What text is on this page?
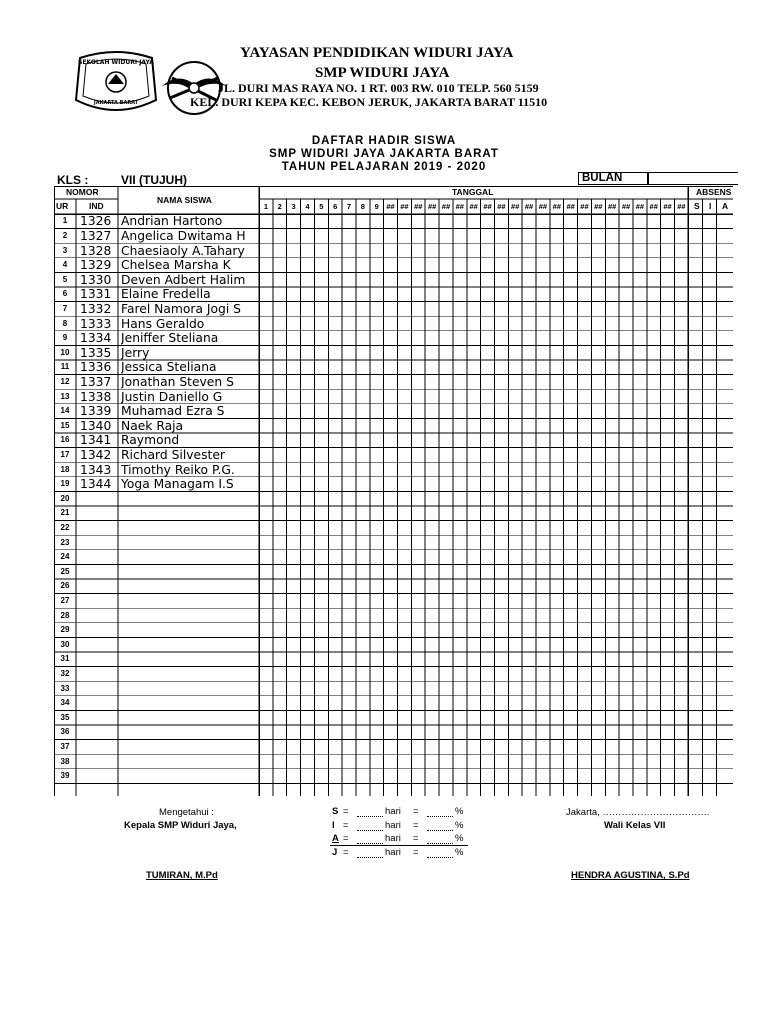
SEKOLAH WIDURI JAYA
JAKARTA BARAT
YAYASAN PENDIDIKAN WIDURI JAYA
SMP WIDURI JAYA
JL. DURI MAS RAYA NO. 1 RT. 003 RW. 010 TELP. 560 5159
KEL. DURI KEPA KEC. KEBON JERUK, JAKARTA BARAT 11510
DAFTAR HADIR SISWA
SMP WIDURI JAYA JAKARTA BARAT
TAHUN PELAJARAN 2019 - 2020
KLS :	VII (TUJUH)	BULAN
NOMOR
UR IND
NAMA SISWA
TANGGAL	ABSENS
S I A
1	2	3	4	5	6	7	8	9	## ## ## ## ## ## ## ## ## ## ## ## ## ## ## ## ## ## ## ## ## ##
1	1326 Andrian Hartono
2	1327 Angelica Dwitama H
3	1328 Chaesiaoly A.Tahary
4	1329 Chelsea Marsha K
5	1330 Deven Adbert Halim
6	1331 Elaine Fredella
7	1332 Farel Namora Jogi S
8	1333 Hans Geraldo
9	1334 Jeniffer Steliana
10 1335 Jerry
11 1336 Jessica Steliana
12 1337 Jonathan Steven S
13 1338 Justin Daniello G
14 1339 Muhamad Ezra S
15 1340 Naek Raja
16 1341 Raymond
17 1342 Richard Silvester
18 1343 Timothy Reiko P.G.
19 1344 Yoga Managam I.S
20
21
22
23
24
25
26
27
28
29
30
31
32
33
34
35
36
37
38
39
Mengetahui :
Kepala SMP Widuri Jaya,
TUMIRAN, M.Pd
Jakarta, …………………………….
Wali Kelas VII
HENDRA AGUSTINA, S.Pd
S =	hari =	%
I =	hari =	%
A =	hari =	%
J =	hari =	%
